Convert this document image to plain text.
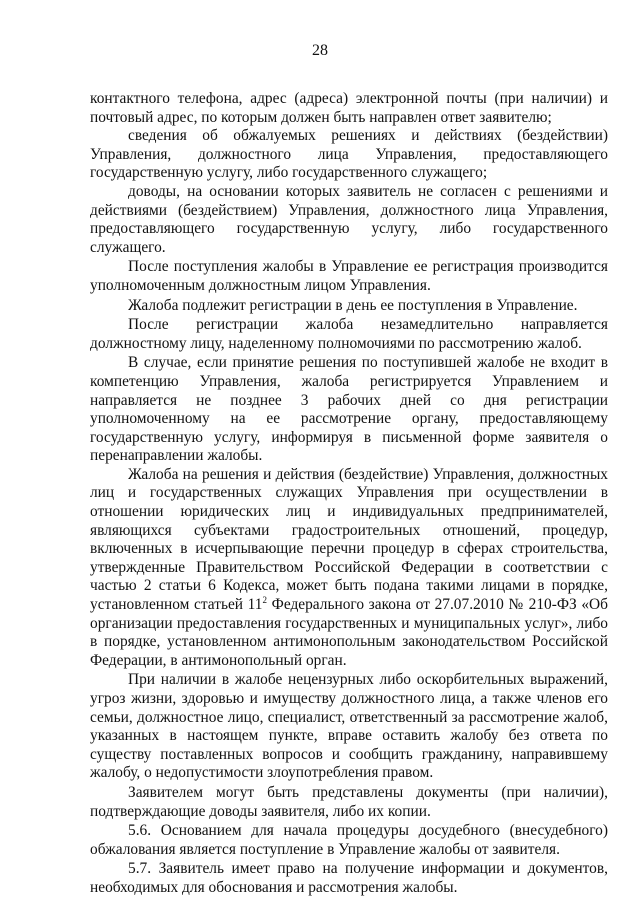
28

контактного телефона, адрес (адреса) электронной почты (при наличии) и почтовый адрес, по которым должен быть направлен ответ заявителю;

сведения об обжалуемых решениях и действиях (бездействии) Управления, должностного лица Управления, предоставляющего государственную услугу, либо государственного служащего;

доводы, на основании которых заявитель не согласен с решениями и действиями (бездействием) Управления, должностного лица Управления, предоставляющего государственную услугу, либо государственного служащего.

После поступления жалобы в Управление ее регистрация производится уполномоченным должностным лицом Управления.

Жалоба подлежит регистрации в день ее поступления в Управление.

После регистрации жалоба незамедлительно направляется должностному лицу, наделенному полномочиями по рассмотрению жалоб.

В случае, если принятие решения по поступившей жалобе не входит в компетенцию Управления, жалоба регистрируется Управлением и направляется не позднее 3 рабочих дней со дня регистрации уполномоченному на ее рассмотрение органу, предоставляющему государственную услугу, информируя в письменной форме заявителя о перенаправлении жалобы.

Жалоба на решения и действия (бездействие) Управления, должностных лиц и государственных служащих Управления при осуществлении в отношении юридических лиц и индивидуальных предпринимателей, являющихся субъектами градостроительных отношений, процедур, включенных в исчерпывающие перечни процедур в сферах строительства, утвержденные Правительством Российской Федерации в соответствии с частью 2 статьи 6 Кодекса, может быть подана такими лицами в порядке, установленном статьей $11^2$ Федерального закона от 27.07.2010 № 210-ФЗ «Об организации предоставления государственных и муниципальных услуг», либо в порядке, установленном антимонопольным законодательством Российской Федерации, в антимонопольный орган.

При наличии в жалобе нецензурных либо оскорбительных выражений, угроз жизни, здоровью и имуществу должностного лица, а также членов его семьи, должностное лицо, специалист, ответственный за рассмотрение жалоб, указанных в настоящем пункте, вправе оставить жалобу без ответа по существу поставленных вопросов и сообщить гражданину, направившему жалобу, о недопустимости злоупотребления правом.

Заявителем могут быть представлены документы (при наличии), подтверждающие доводы заявителя, либо их копии.

5.6. Основанием для начала процедуры досудебного (внесудебного) обжалования является поступление в Управление жалобы от заявителя.

5.7. Заявитель имеет право на получение информации и документов, необходимых для обоснования и рассмотрения жалобы.
